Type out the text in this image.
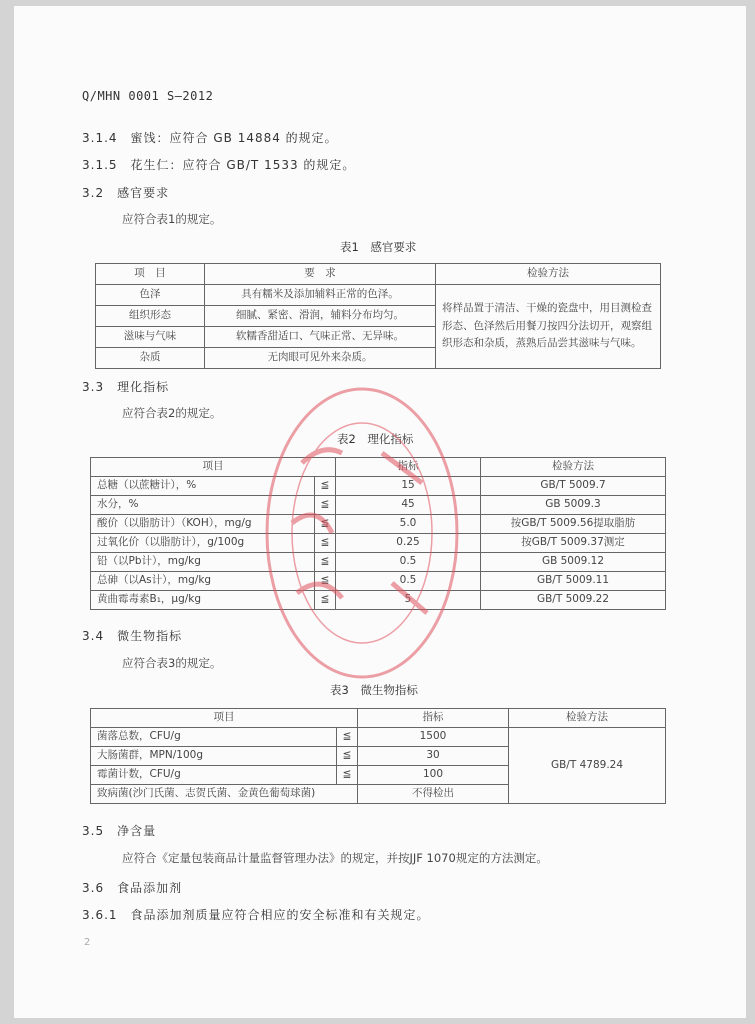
Q/MHN 0001 S—2012
3.1.4　蜜饯：应符合 GB 14884 的规定。
3.1.5　花生仁：应符合 GB/T 1533 的规定。
3.2　感官要求
应符合表1的规定。
表1　感官要求
项　目	要　求	检验方法
色泽	具有糯米及添加辅料正常的色泽。	将样品置于清洁、干燥的瓷盘中，用目测检查形态、色泽然后用餐刀按四分法切开，观察组织形态和杂质，蒸熟后品尝其滋味与气味。
组织形态	细腻、紧密、滑润，辅料分布均匀。	
滋味与气味	软糯香甜适口、气味正常、无异味。	
杂质	无肉眼可见外来杂质。	
3.3　理化指标
应符合表2的规定。
表2　理化指标
项目		指标	检验方法
总糖（以蔗糖计），%	≦	15	GB/T 5009.7
水分，%	≦	45	GB 5009.3
酸价（以脂肪计）（KOH），mg/g	≦	5.0	按GB/T 5009.56提取脂肪
过氧化价（以脂肪计），g/100g	≦	0.25	按GB/T 5009.37测定
铅（以Pb计），mg/kg	≦	0.5	GB 5009.12
总砷（以As计），mg/kg	≦	0.5	GB/T 5009.11
黄曲霉毒素B₁，μg/kg	≦	5	GB/T 5009.22
3.4　微生物指标
应符合表3的规定。
表3　微生物指标
项目		指标	检验方法
菌落总数，CFU/g	≦	1500	GB/T 4789.24
大肠菌群，MPN/100g	≦	30	
霉菌计数，CFU/g	≦	100	
致病菌(沙门氏菌、志贺氏菌、金黄色葡萄球菌)		不得检出	
3.5　净含量
应符合《定量包装商品计量监督管理办法》的规定，并按JJF 1070规定的方法测定。
3.6　食品添加剂
3.6.1　食品添加剂质量应符合相应的安全标准和有关规定。
2
